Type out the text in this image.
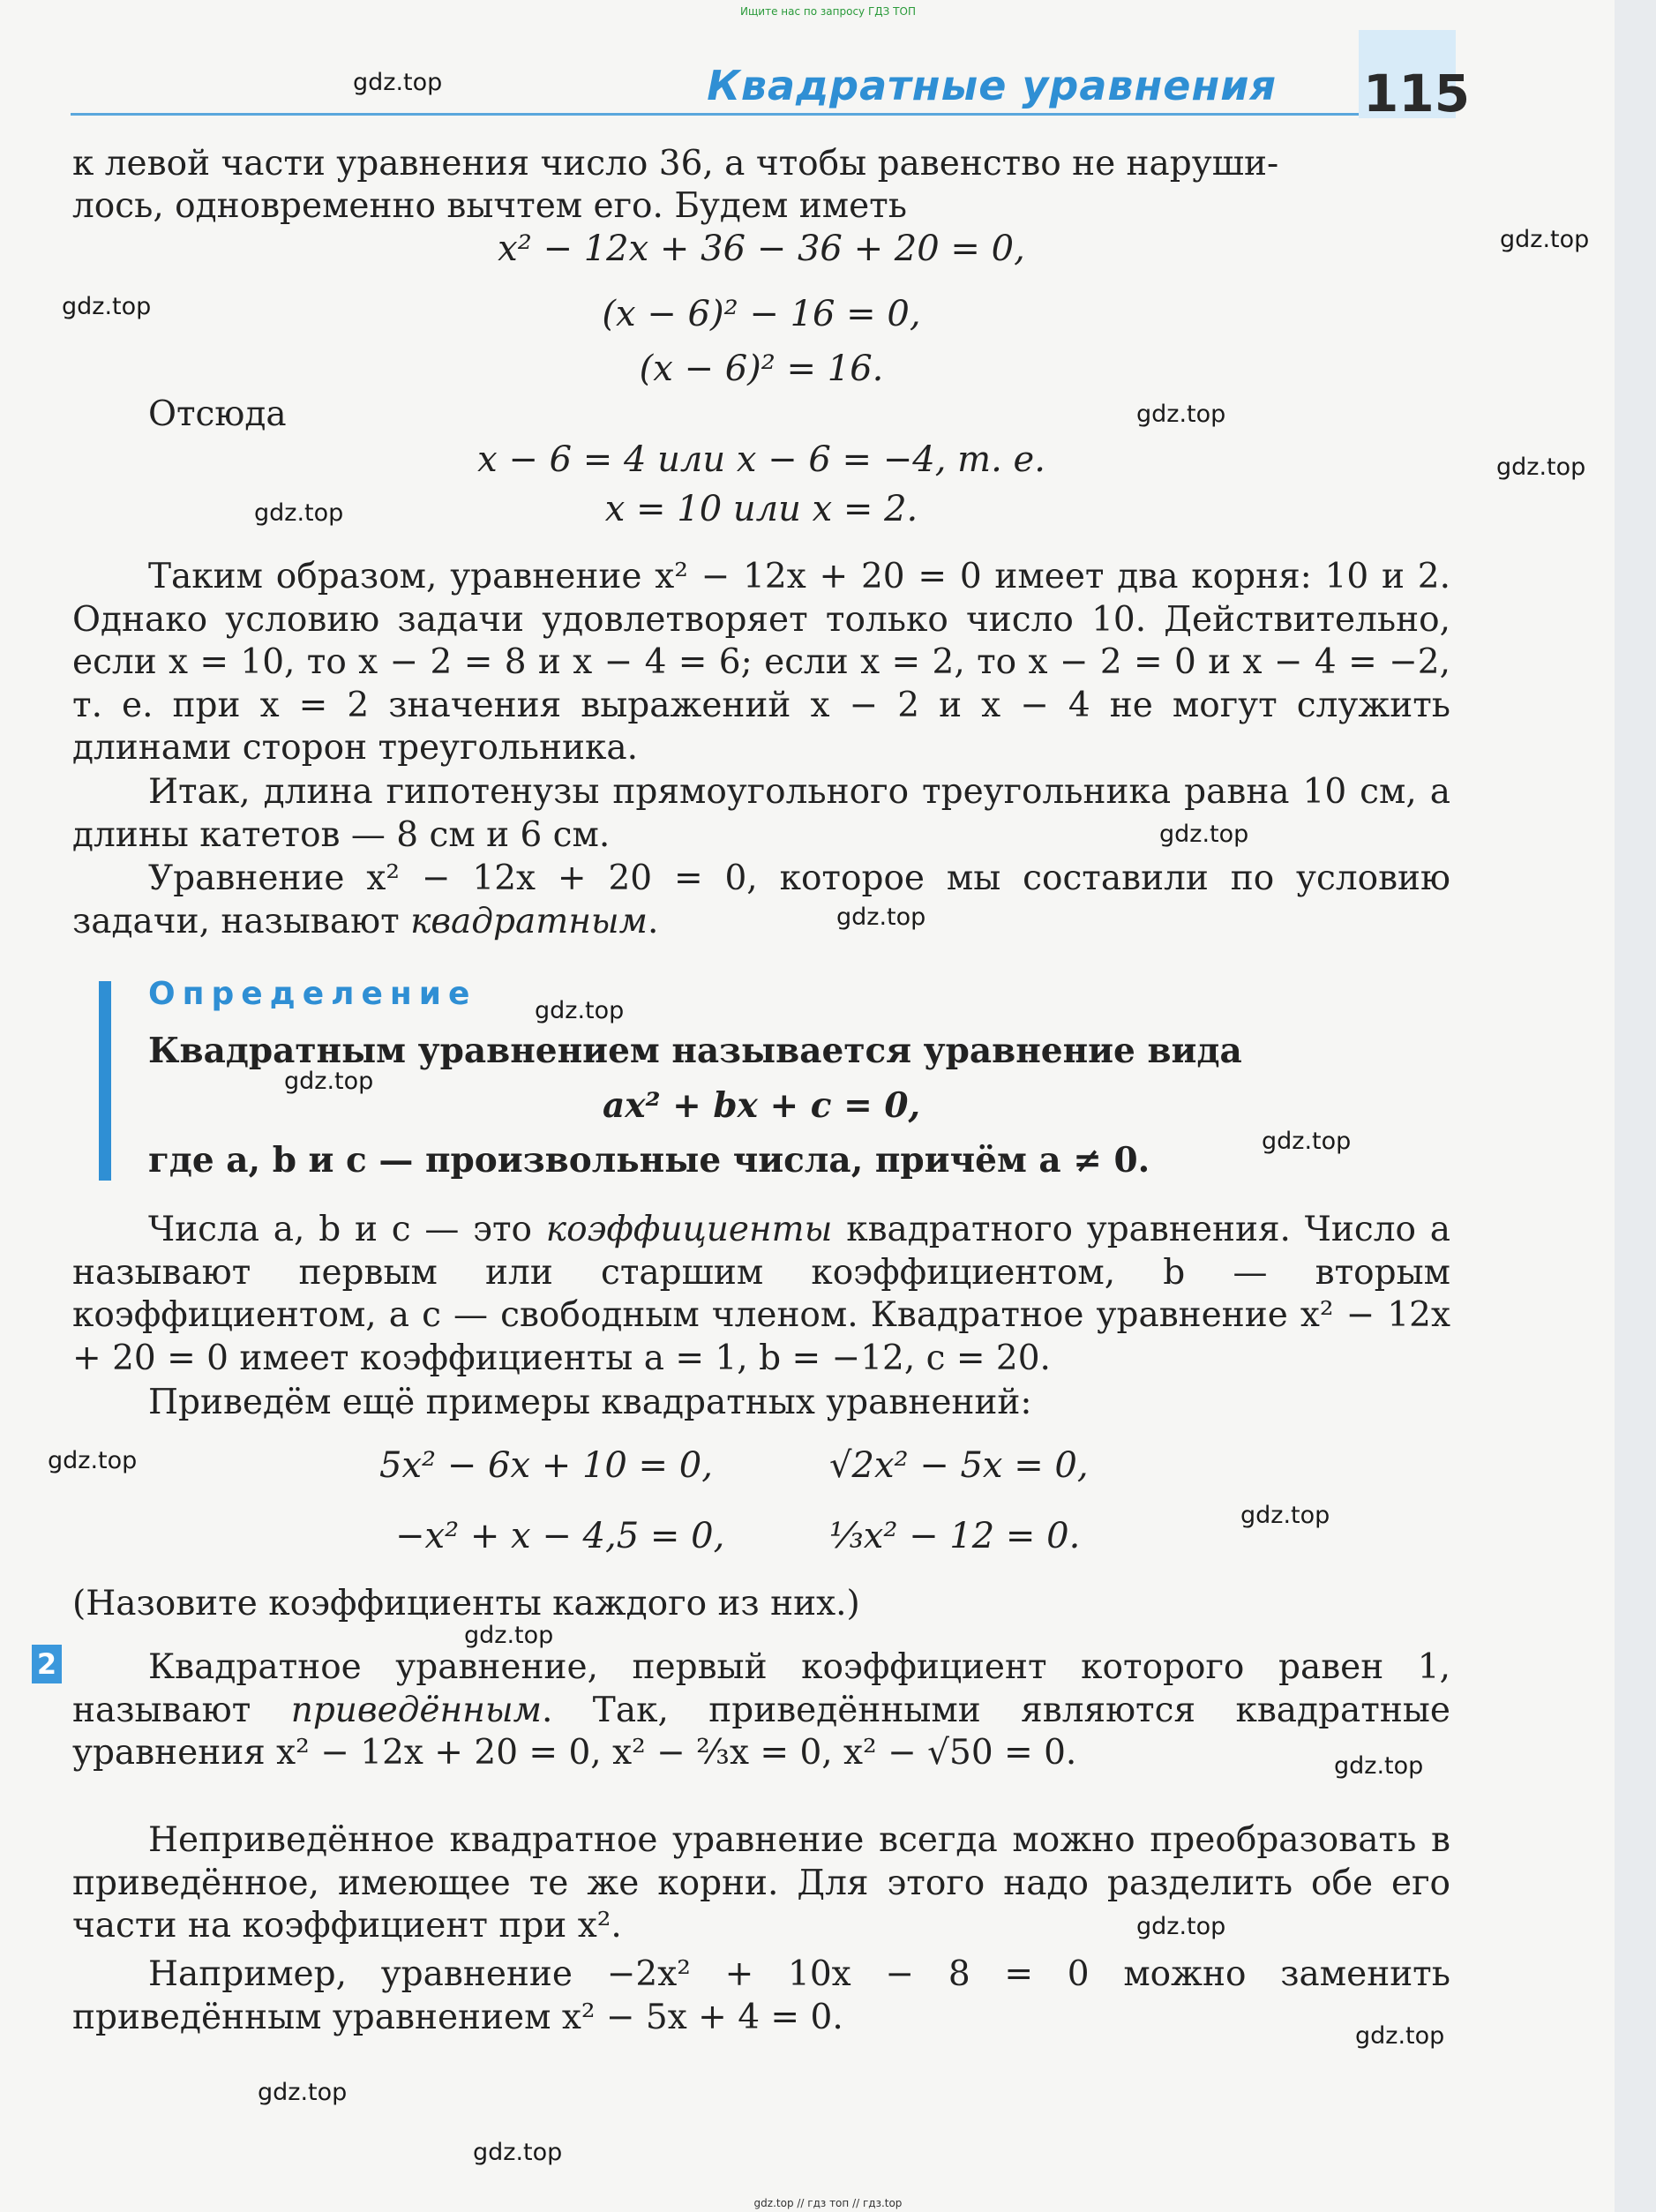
Ищите нас по запросу ГДЗ ТОП
Квадратные уравнения 115
gdz.top
gdz.top
gdz.top
gdz.top
gdz.top
gdz.top
gdz.top
gdz.top
gdz.top
gdz.top
gdz.top
gdz.top
gdz.top
gdz.top
gdz.top
gdz.top
gdz.top
gdz.top
gdz.top
к левой части уравнения число 36, а чтобы равенство не наруши-
лось, одновременно вычтем его. Будем иметь
x² − 12x + 36 − 36 + 20 = 0,
(x − 6)² − 16 = 0,
(x − 6)² = 16.
Отсюда
x − 6 = 4 или x − 6 = −4, т. е.
x = 10 или x = 2.
Таким образом, уравнение x² − 12x + 20 = 0 имеет два корня: 10 и 2. Однако условию задачи удовлетворяет только число 10. Действительно, если x = 10, то x − 2 = 8 и x − 4 = 6; если x = 2, то x − 2 = 0 и x − 4 = −2, т. е. при x = 2 значения выражений x − 2 и x − 4 не могут служить длинами сторон треугольника.
Итак, длина гипотенузы прямоугольного треугольника равна 10 см, а длины катетов — 8 см и 6 см.
Уравнение x² − 12x + 20 = 0, которое мы составили по условию задачи, называют квадратным.
Определение
Квадратным уравнением называется уравнение вида
ax² + bx + c = 0,
где a, b и c — произвольные числа, причём a ≠ 0.
Числа a, b и c — это коэффициенты квадратного уравнения. Число a называют первым или старшим коэффициентом, b — вторым коэффициентом, а c — свободным членом. Квадратное уравнение x² − 12x + 20 = 0 имеет коэффициенты a = 1, b = −12, c = 20.
Приведём ещё примеры квадратных уравнений:
5x² − 6x + 10 = 0,	√2x² − 5x = 0,
−x² + x − 4,5 = 0,	⅓x² − 12 = 0.
(Назовите коэффициенты каждого из них.)
2	Квадратное уравнение, первый коэффициент которого равен 1, называют приведённым. Так, приведёнными являются квадратные уравнения x² − 12x + 20 = 0, x² − ⅔x = 0, x² − √50 = 0.
Неприведённое квадратное уравнение всегда можно преобразовать в приведённое, имеющее те же корни. Для этого надо разделить обе его части на коэффициент при x².
Например, уравнение −2x² + 10x − 8 = 0 можно заменить приведённым уравнением x² − 5x + 4 = 0.
gdz.top // гдз топ // гдз.top
